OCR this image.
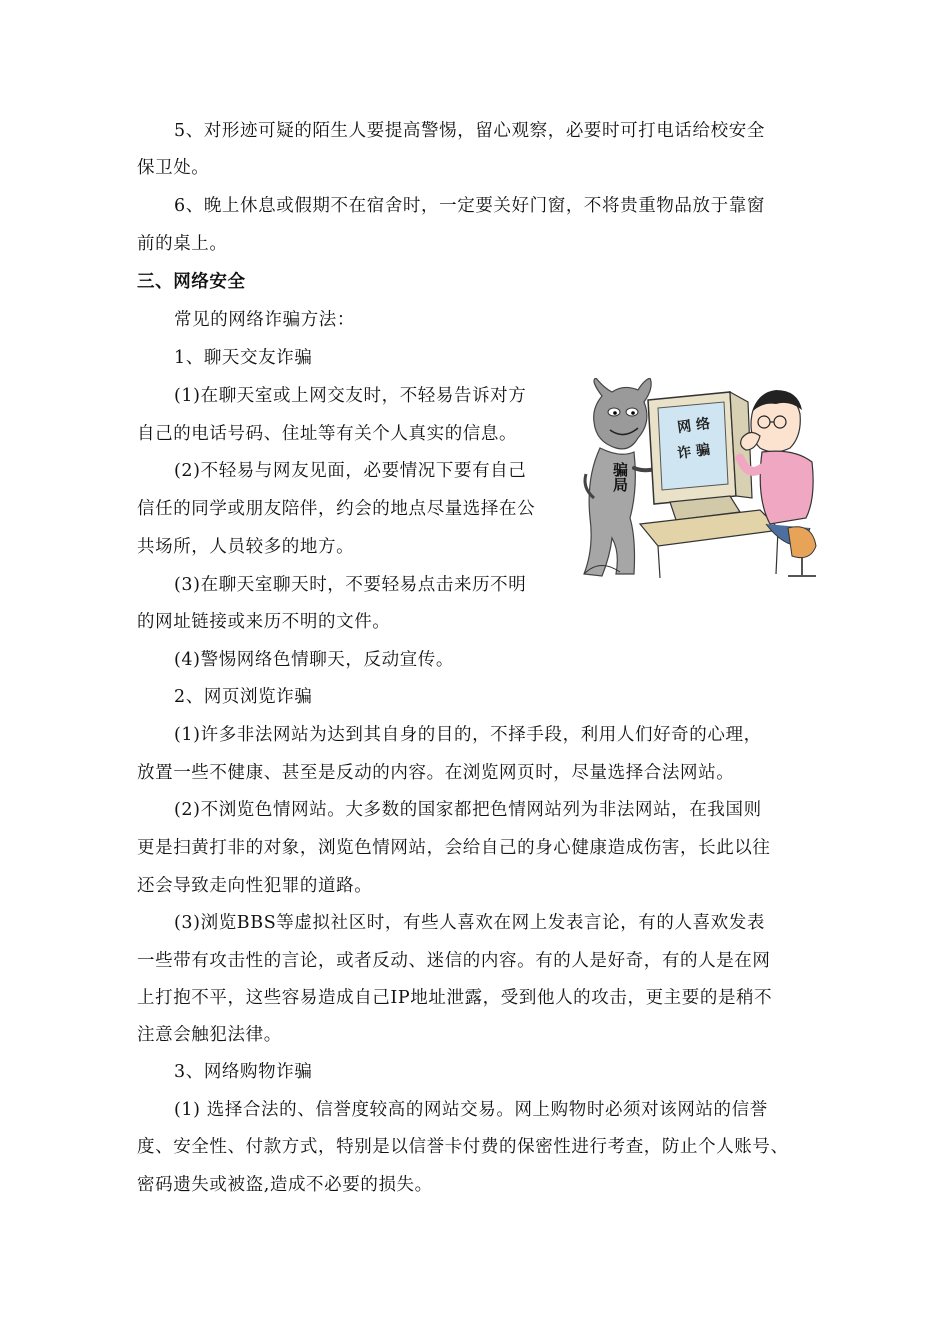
5、对形迹可疑的陌生人要提高警惕，留心观察，必要时可打电话给校安全
保卫处。
6、晚上休息或假期不在宿舍时，一定要关好门窗，不将贵重物品放于靠窗
前的桌上。
三、网络安全
常见的网络诈骗方法：
1、聊天交友诈骗
(1)在聊天室或上网交友时，不轻易告诉对方
自己的电话号码、住址等有关个人真实的信息。
(2)不轻易与网友见面，必要情况下要有自己
信任的同学或朋友陪伴，约会的地点尽量选择在公
共场所，人员较多的地方。
(3)在聊天室聊天时，不要轻易点击来历不明
的网址链接或来历不明的文件。
(4)警惕网络色情聊天，反动宣传。
2、网页浏览诈骗
(1)许多非法网站为达到其自身的目的，不择手段，利用人们好奇的心理，
放置一些不健康、甚至是反动的内容。在浏览网页时，尽量选择合法网站。
(2)不浏览色情网站。大多数的国家都把色情网站列为非法网站，在我国则
更是扫黄打非的对象，浏览色情网站，会给自己的身心健康造成伤害，长此以往
还会导致走向性犯罪的道路。
(3)浏览BBS等虚拟社区时，有些人喜欢在网上发表言论，有的人喜欢发表
一些带有攻击性的言论，或者反动、迷信的内容。有的人是好奇，有的人是在网
上打抱不平，这些容易造成自己IP地址泄露，受到他人的攻击，更主要的是稍不
注意会触犯法律。
3、网络购物诈骗
(1) 选择合法的、信誉度较高的网站交易。网上购物时必须对该网站的信誉
度、安全性、付款方式，特别是以信誉卡付费的保密性进行考查，防止个人账号、
密码遗失或被盗,造成不必要的损失。
骗局
网 络
诈 骗
